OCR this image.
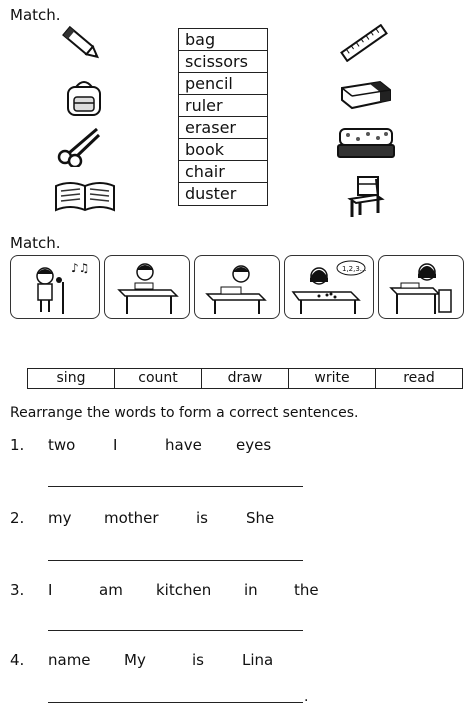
Match.
bag
scissors
pencil
ruler
eraser
book
chair
duster
Match.
♪♫	1,2,3...
sing	count	draw	write	read
Rearrange the words to form a correct sentences.
1. two	I	have eyes
2. my mother is	She
3. I	am kitchen in the
4. name My	is	Lina
.
